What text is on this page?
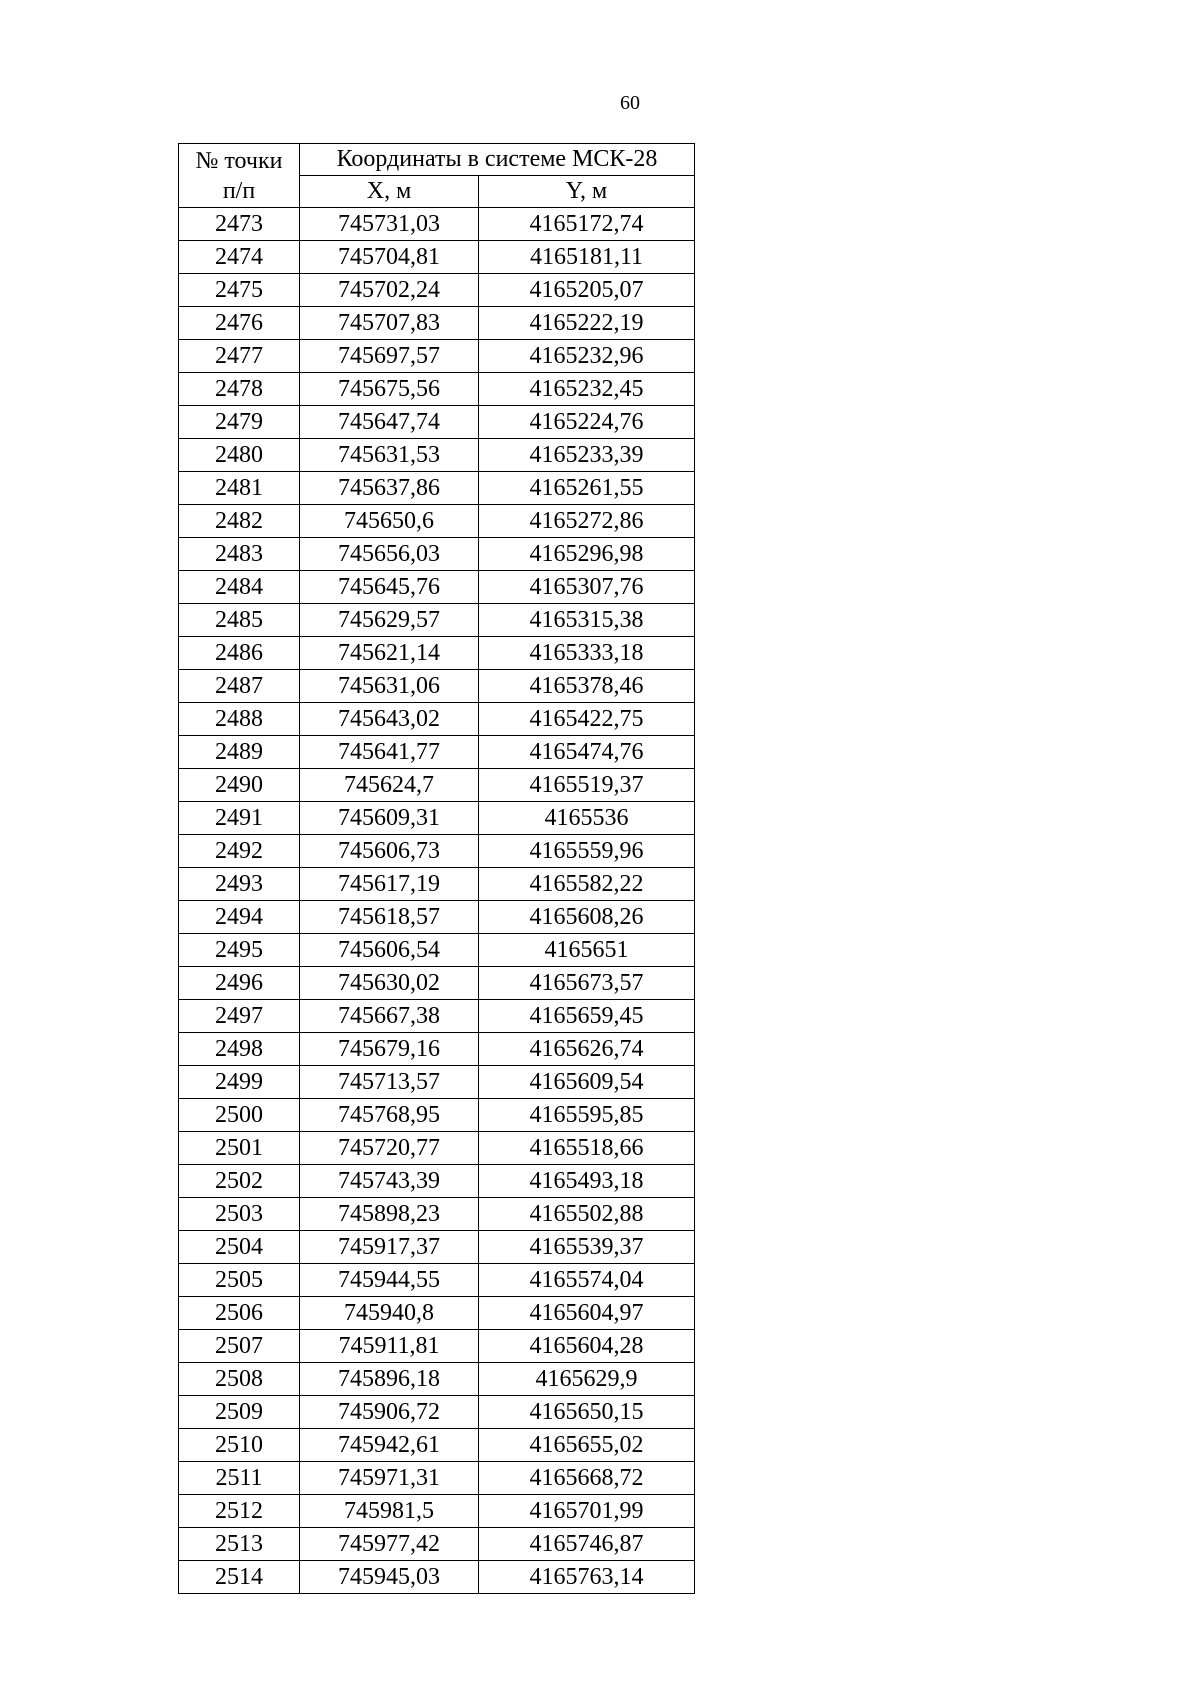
60
№ точки
п/п	Координаты в системе МСК-28	
	X, м	Y, м
2473	745731,03	4165172,74
2474	745704,81	4165181,11
2475	745702,24	4165205,07
2476	745707,83	4165222,19
2477	745697,57	4165232,96
2478	745675,56	4165232,45
2479	745647,74	4165224,76
2480	745631,53	4165233,39
2481	745637,86	4165261,55
2482	745650,6	4165272,86
2483	745656,03	4165296,98
2484	745645,76	4165307,76
2485	745629,57	4165315,38
2486	745621,14	4165333,18
2487	745631,06	4165378,46
2488	745643,02	4165422,75
2489	745641,77	4165474,76
2490	745624,7	4165519,37
2491	745609,31	4165536
2492	745606,73	4165559,96
2493	745617,19	4165582,22
2494	745618,57	4165608,26
2495	745606,54	4165651
2496	745630,02	4165673,57
2497	745667,38	4165659,45
2498	745679,16	4165626,74
2499	745713,57	4165609,54
2500	745768,95	4165595,85
2501	745720,77	4165518,66
2502	745743,39	4165493,18
2503	745898,23	4165502,88
2504	745917,37	4165539,37
2505	745944,55	4165574,04
2506	745940,8	4165604,97
2507	745911,81	4165604,28
2508	745896,18	4165629,9
2509	745906,72	4165650,15
2510	745942,61	4165655,02
2511	745971,31	4165668,72
2512	745981,5	4165701,99
2513	745977,42	4165746,87
2514	745945,03	4165763,14
